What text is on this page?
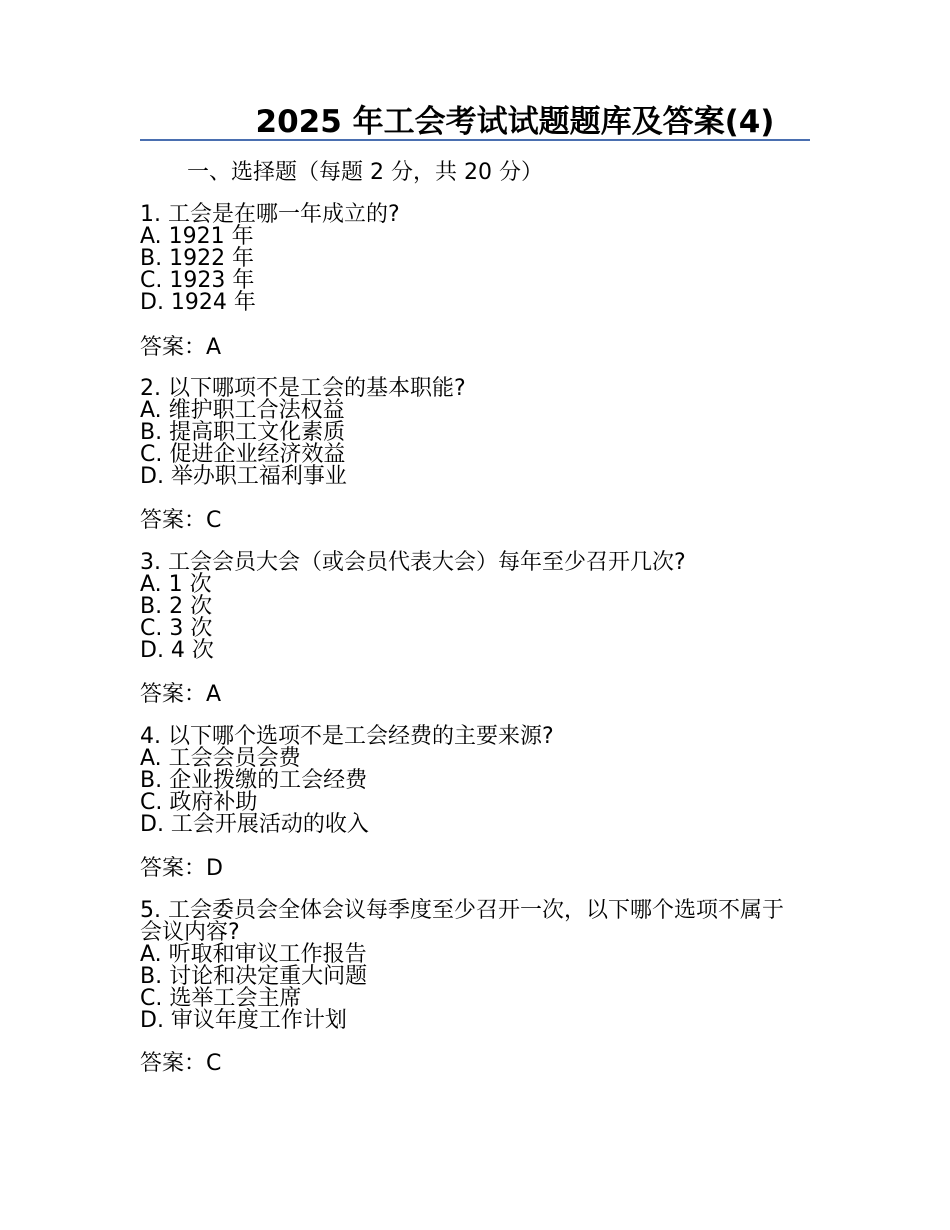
2025 年工会考试试题题库及答案(4)
一、选择题（每题 2 分，共 20 分）

1. 工会是在哪一年成立的?

A. 1921 年

B. 1922 年

C. 1923 年

D. 1924 年

答案：A

2. 以下哪项不是工会的基本职能?

A. 维护职工合法权益

B. 提高职工文化素质

C. 促进企业经济效益

D. 举办职工福利事业

答案：C

3. 工会会员大会（或会员代表大会）每年至少召开几次?

A. 1 次

B. 2 次

C. 3 次

D. 4 次

答案：A

4. 以下哪个选项不是工会经费的主要来源?

A. 工会会员会费

B. 企业拨缴的工会经费

C. 政府补助

D. 工会开展活动的收入

答案：D

5. 工会委员会全体会议每季度至少召开一次，以下哪个选项不属于会议内容?

A. 听取和审议工作报告

B. 讨论和决定重大问题

C. 选举工会主席

D. 审议年度工作计划

答案：C
